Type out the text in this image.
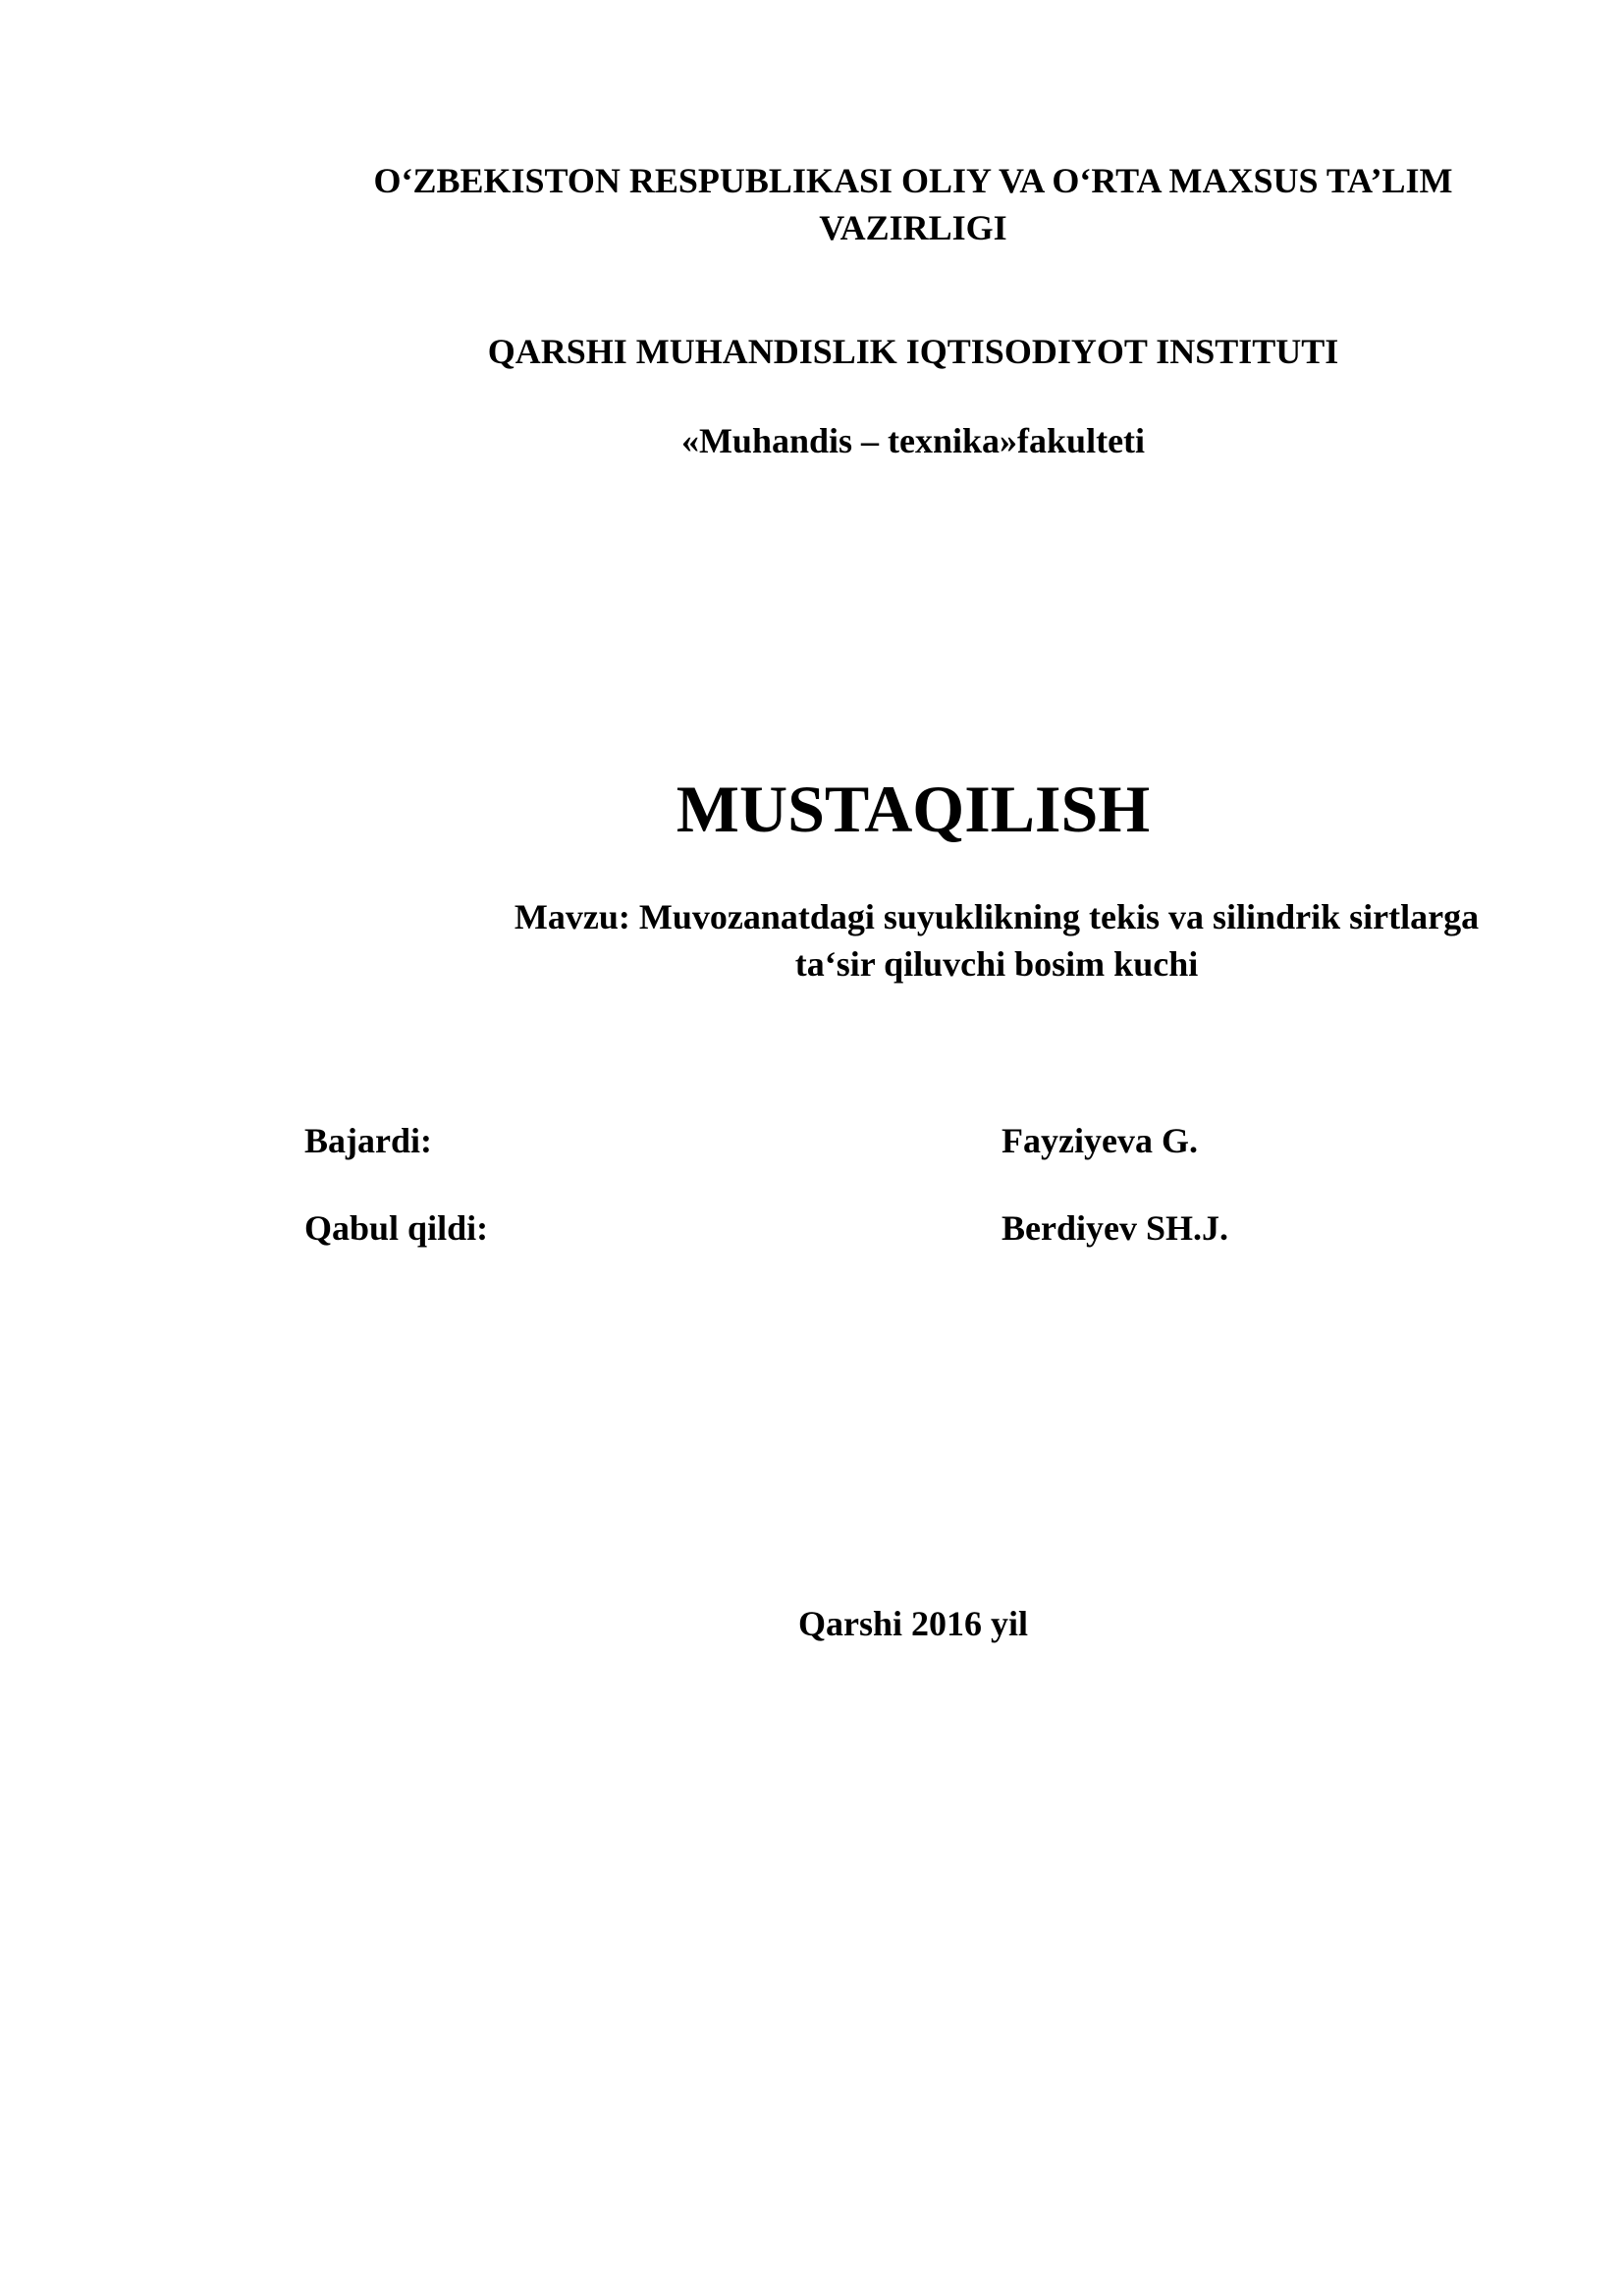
O‘ZBEKISTON RESPUBLIKASI OLIY VA O‘RTA MAXSUS TA’LIM
VAZIRLIGI
QARSHI MUHANDISLIK IQTISODIYOT INSTITUTI
«Muhandis – texnika»fakulteti
MUSTAQILISH
Mavzu: Muvozanatdagi suyuklikning tekis va silindrik sirtlarga
ta‘sir qiluvchi bosim kuchi
Bajardi:	Fayziyeva G.
Qabul qildi:	Berdiyev SH.J.
Qarshi 2016 yil
